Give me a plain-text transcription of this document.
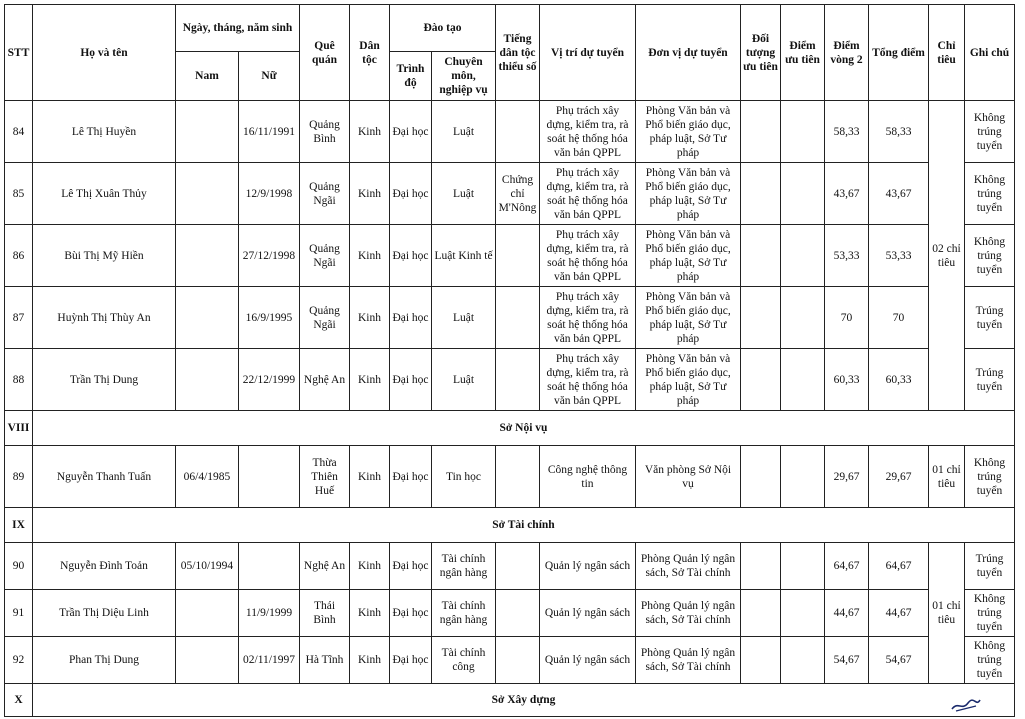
STT	Họ và tên	Ngày, tháng, năm sinh		Quê quán	Dân tộc	Đào tạo		Tiếng dân tộc thiểu số	Vị trí dự tuyển	Đơn vị dự tuyển	Đối tượng ưu tiên	Điểm ưu tiên	Điểm vòng 2	Tổng điểm	Chỉ tiêu	Ghi chú
		Nam	Nữ			Trình độ	Chuyên môn, nghiệp vụ									
84	Lê Thị Huyền		16/11/1991	Quảng Bình	Kinh	Đại học	Luật		Phụ trách xây dựng, kiểm tra, rà soát hệ thống hóa văn bản QPPL	Phòng Văn bản và Phổ biến giáo dục, pháp luật, Sở Tư pháp			58,33	58,33	02 chỉ tiêu	Không trúng tuyển
85	Lê Thị Xuân Thủy		12/9/1998	Quảng Ngãi	Kinh	Đại học	Luật	Chứng chỉ M'Nông	Phụ trách xây dựng, kiểm tra, rà soát hệ thống hóa văn bản QPPL	Phòng Văn bản và Phổ biến giáo dục, pháp luật, Sở Tư pháp			43,67	43,67		Không trúng tuyển
86	Bùi Thị Mỹ Hiền		27/12/1998	Quảng Ngãi	Kinh	Đại học	Luật Kinh tế		Phụ trách xây dựng, kiểm tra, rà soát hệ thống hóa văn bản QPPL	Phòng Văn bản và Phổ biến giáo dục, pháp luật, Sở Tư pháp			53,33	53,33		Không trúng tuyển
87	Huỳnh Thị Thùy An		16/9/1995	Quảng Ngãi	Kinh	Đại học	Luật		Phụ trách xây dựng, kiểm tra, rà soát hệ thống hóa văn bản QPPL	Phòng Văn bản và Phổ biến giáo dục, pháp luật, Sở Tư pháp			70	70		Trúng tuyển
88	Trần Thị Dung		22/12/1999	Nghệ An	Kinh	Đại học	Luật		Phụ trách xây dựng, kiểm tra, rà soát hệ thống hóa văn bản QPPL	Phòng Văn bản và Phổ biến giáo dục, pháp luật, Sở Tư pháp			60,33	60,33		Trúng tuyển
VIII	Sở Nội vụ															
89	Nguyễn Thanh Tuấn	06/4/1985		Thừa Thiên Huế	Kinh	Đại học	Tin học		Công nghệ thông tin	Văn phòng Sở Nội vụ			29,67	29,67	01 chỉ tiêu	Không trúng tuyển
IX	Sở Tài chính															
90	Nguyễn Đình Toản	05/10/1994		Nghệ An	Kinh	Đại học	Tài chính ngân hàng		Quản lý ngân sách	Phòng Quản lý ngân sách, Sở Tài chính			64,67	64,67	01 chỉ tiêu	Trúng tuyển
91	Trần Thị Diệu Linh		11/9/1999	Thái Bình	Kinh	Đại học	Tài chính ngân hàng		Quản lý ngân sách	Phòng Quản lý ngân sách, Sở Tài chính			44,67	44,67		Không trúng tuyển
92	Phan Thị Dung		02/11/1997	Hà Tĩnh	Kinh	Đại học	Tài chính công		Quản lý ngân sách	Phòng Quản lý ngân sách, Sở Tài chính			54,67	54,67		Không trúng tuyển
X	Sở Xây dựng															
